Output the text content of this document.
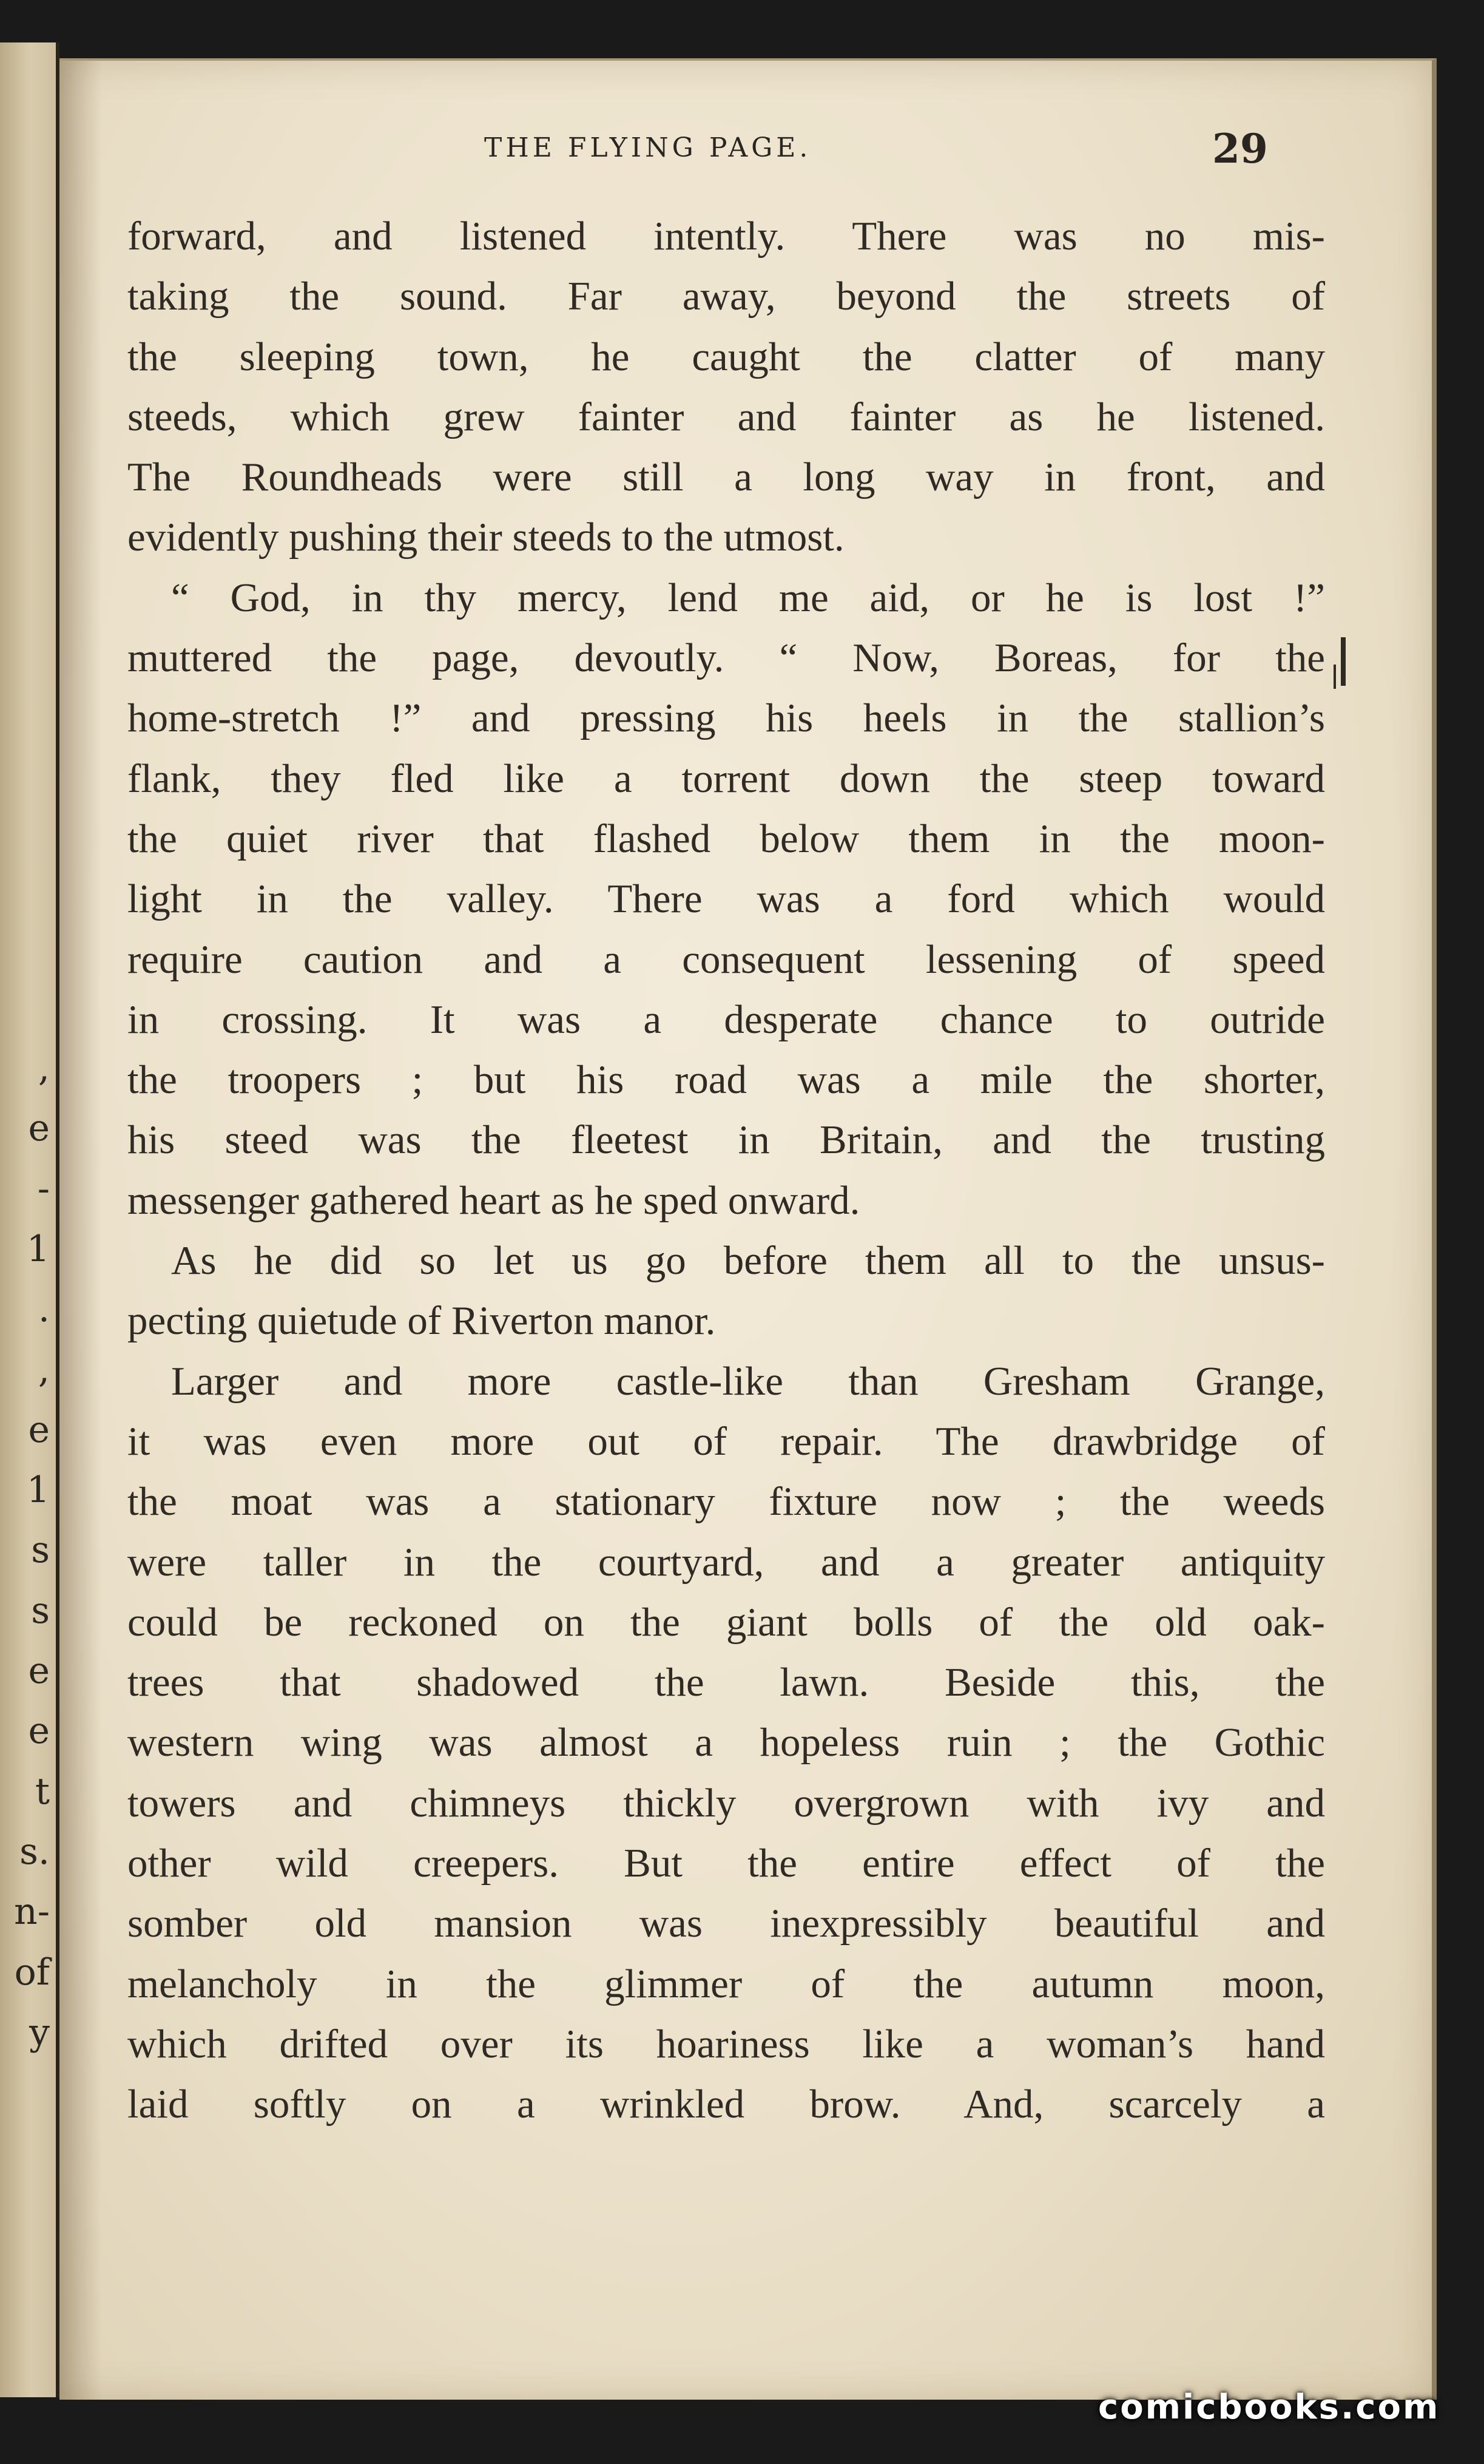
,
e
-
1
.
,
e
1
s
s
e
e
t
s.
n-
of
y
THE FLYING PAGE.	29
forward, and listened intently. There was no mis-
taking the sound. Far away, beyond the streets of
the sleeping town, he caught the clatter of many
steeds, which grew fainter and fainter as he listened.
The Roundheads were still a long way in front, and
evidently pushing their steeds to the utmost.
“ God, in thy mercy, lend me aid, or he is lost !”
muttered the page, devoutly. “ Now, Boreas, for the
home-stretch !” and pressing his heels in the stallion’s
flank, they fled like a torrent down the steep toward
the quiet river that flashed below them in the moon-
light in the valley. There was a ford which would
require caution and a consequent lessening of speed
in crossing. It was a desperate chance to outride
the troopers ; but his road was a mile the shorter,
his steed was the fleetest in Britain, and the trusting
messenger gathered heart as he sped onward.
As he did so let us go before them all to the unsus-
pecting quietude of Riverton manor.
Larger and more castle-like than Gresham Grange,
it was even more out of repair. The drawbridge of
the moat was a stationary fixture now ; the weeds
were taller in the courtyard, and a greater antiquity
could be reckoned on the giant bolls of the old oak-
trees that shadowed the lawn. Beside this, the
western wing was almost a hopeless ruin ; the Gothic
towers and chimneys thickly overgrown with ivy and
other wild creepers. But the entire effect of the
somber old mansion was inexpressibly beautiful and
melancholy in the glimmer of the autumn moon,
which drifted over its hoariness like a woman’s hand
laid softly on a wrinkled brow. And, scarcely a
comicbooks.com
